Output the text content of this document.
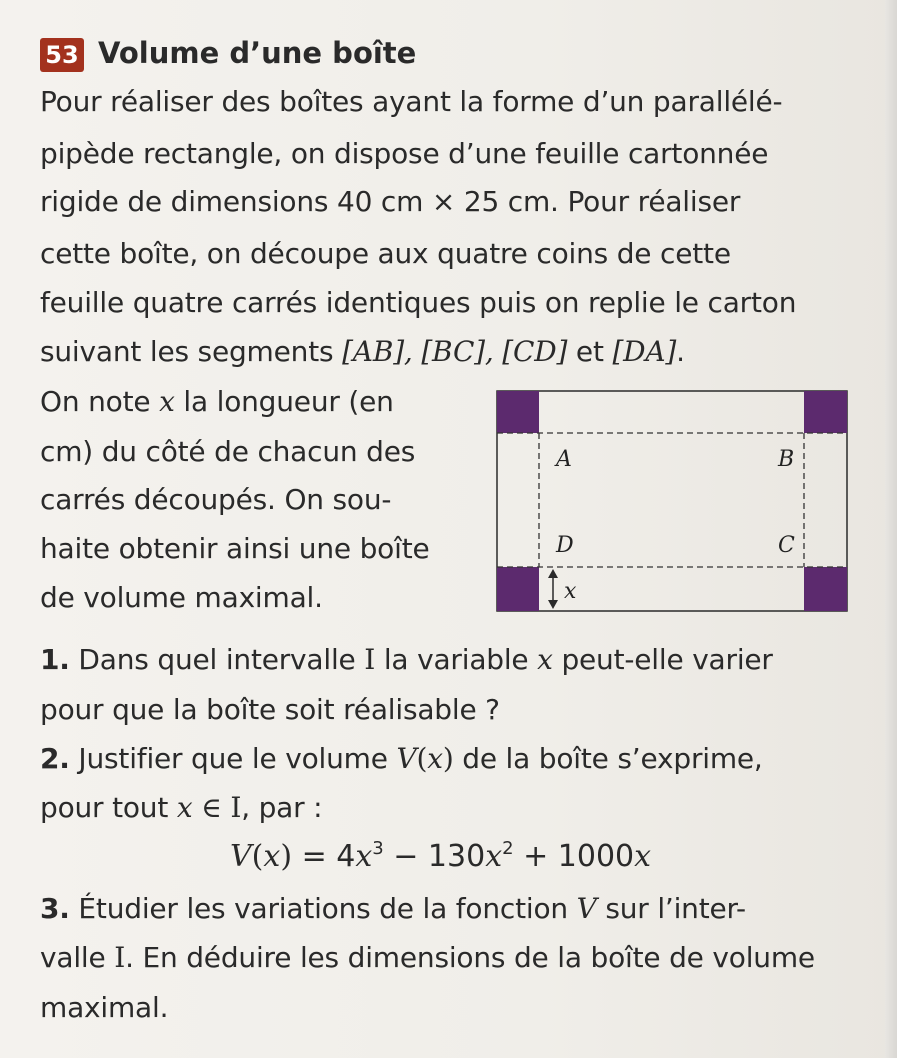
53 Volume d’une boîte
Pour réaliser des boîtes ayant la forme d’un parallélé-
pipède rectangle, on dispose d’une feuille cartonnée
rigide de dimensions 40 cm × 25 cm. Pour réaliser
cette boîte, on découpe aux quatre coins de cette
feuille quatre carrés identiques puis on replie le carton
suivant les segments [AB], [BC], [CD] et [DA].
On note x la longueur (en
cm) du côté de chacun des
carrés découpés. On sou-
haite obtenir ainsi une boîte
de volume maximal.
A	B
D	C
x
1. Dans quel intervalle I la variable x peut-elle varier
pour que la boîte soit réalisable ?
2. Justifier que le volume V(x) de la boîte s’exprime,
pour tout x ∈ I, par :
$V(x) = 4x^3 - 130x^2 + 1000x$
3. Étudier les variations de la fonction V sur l’inter-
valle I. En déduire les dimensions de la boîte de volume
maximal.
